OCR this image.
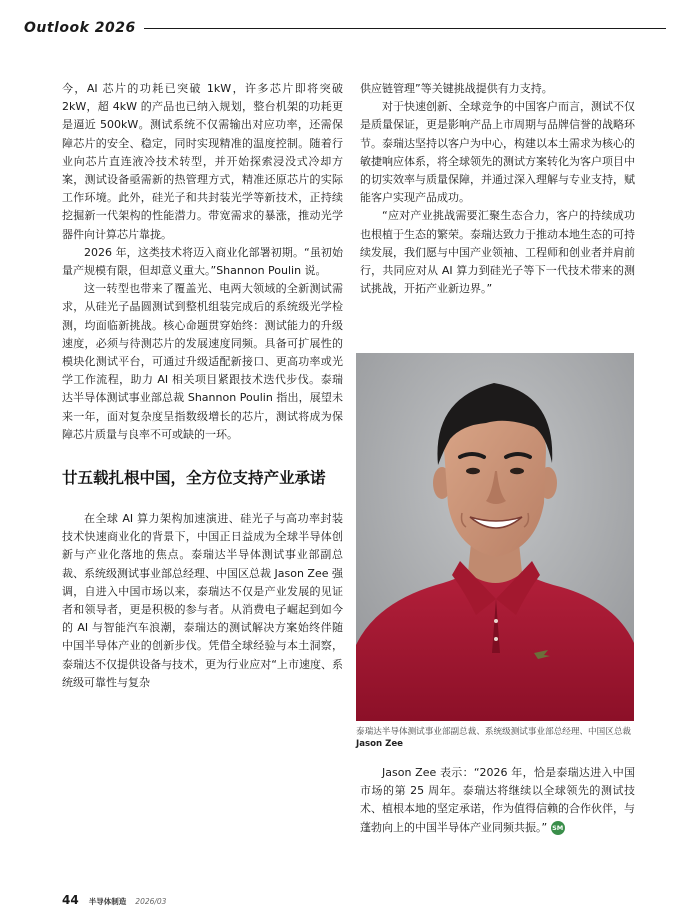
Outlook 2026

今，AI 芯片的功耗已突破 1kW，许多芯片即将突破 2kW，超 4kW 的产品也已纳入规划，整台机架的功耗更是逼近 500kW。测试系统不仅需输出对应功率，还需保障芯片的安全、稳定，同时实现精准的温度控制。随着行业向芯片直连液冷技术转型，并开始探索浸没式冷却方案，测试设备亟需新的热管理方式，精准还原芯片的实际工作环境。此外，硅光子和共封装光学等新技术，正持续挖掘新一代架构的性能潜力。带宽需求的暴涨，推动光学器件向计算芯片靠拢。

2026 年，这类技术将迈入商业化部署初期。“虽初始量产规模有限，但却意义重大。”Shannon Poulin 说。

这一转型也带来了覆盖光、电两大领域的全新测试需求，从硅光子晶圆测试到整机组装完成后的系统级光学检测，均面临新挑战。核心命题贯穿始终：测试能力的升级速度，必须与待测芯片的发展速度同频。具备可扩展性的模块化测试平台，可通过升级适配新接口、更高功率或光学工作流程，助力 AI 相关项目紧跟技术迭代步伐。泰瑞达半导体测试事业部总裁 Shannon Poulin 指出，展望未来一年，面对复杂度呈指数级增长的芯片，测试将成为保障芯片质量与良率不可或缺的一环。

廿五载扎根中国，全方位支持产业承诺

在全球 AI 算力架构加速演进、硅光子与高功率封装技术快速商业化的背景下，中国正日益成为全球半导体创新与产业化落地的焦点。泰瑞达半导体测试事业部副总裁、系统级测试事业部总经理、中国区总裁 Jason Zee 强调，自进入中国市场以来，泰瑞达不仅是产业发展的见证者和领导者，更是积极的参与者。从消费电子崛起到如今的 AI 与智能汽车浪潮，泰瑞达的测试解决方案始终伴随中国半导体产业的创新步伐。凭借全球经验与本土洞察，泰瑞达不仅提供设备与技术，更为行业应对“上市速度、系统级可靠性与复杂

供应链管理”等关键挑战提供有力支持。

对于快速创新、全球竞争的中国客户而言，测试不仅是质量保证，更是影响产品上市周期与品牌信誉的战略环节。泰瑞达坚持以客户为中心，构建以本土需求为核心的敏捷响应体系，将全球领先的测试方案转化为客户项目中的切实效率与质量保障，并通过深入理解与专业支持，赋能客户实现产品成功。

“应对产业挑战需要汇聚生态合力，客户的持续成功也根植于生态的繁荣。泰瑞达致力于推动本地生态的可持续发展，我们愿与中国产业领袖、工程师和创业者并肩前行，共同应对从 AI 算力到硅光子等下一代技术带来的测试挑战，开拓产业新边界。”

泰瑞达半导体测试事业部副总裁、系统级测试事业部总经理、中国区总裁 Jason Zee

Jason Zee 表示：“2026 年，恰是泰瑞达进入中国市场的第 25 周年。泰瑞达将继续以全球领先的测试技术、植根本地的坚定承诺，作为值得信赖的合作伙伴，与蓬勃向上的中国半导体产业同频共振。” SM

44 半导体制造 2026/03
